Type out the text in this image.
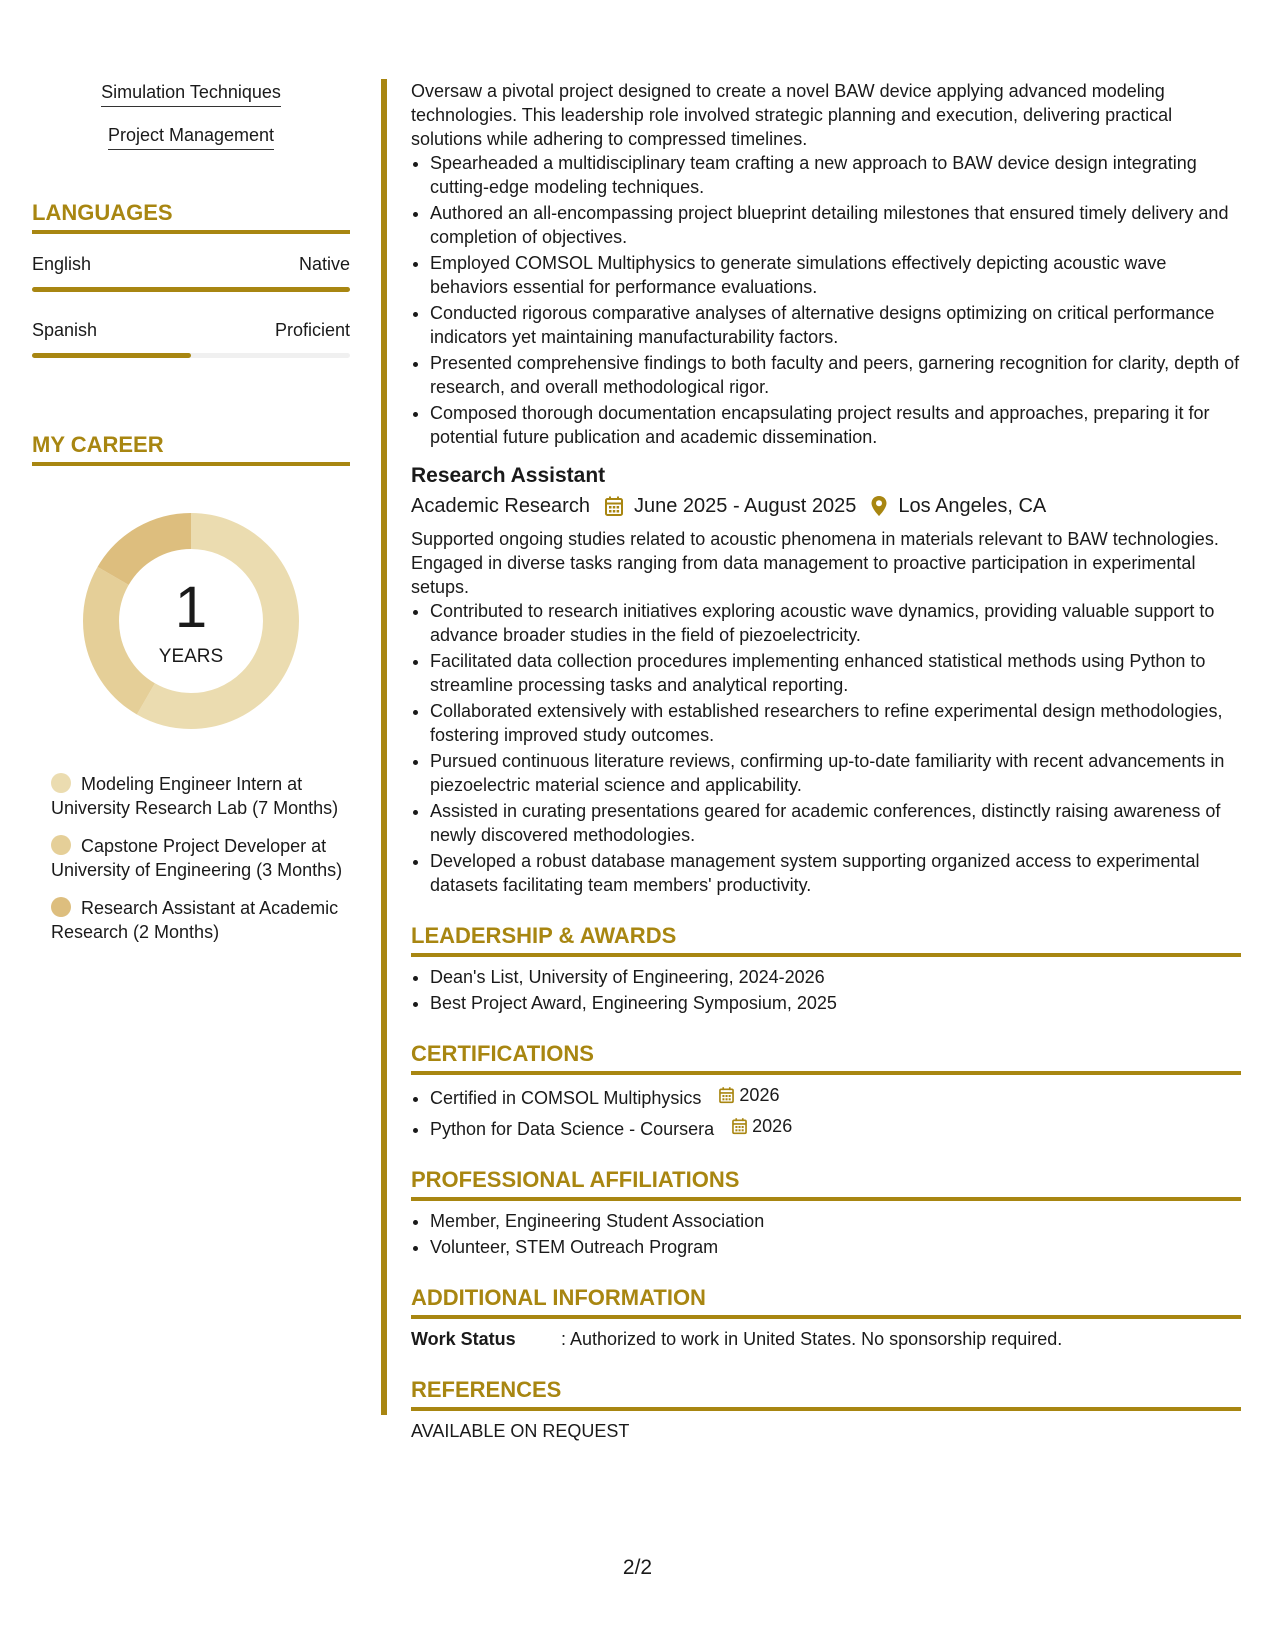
Simulation Techniques
Project Management
LANGUAGES
English	Native
Spanish	Proficient
MY CAREER
1
YEARS
Modeling Engineer Intern at University Research Lab (7 Months)
Capstone Project Developer at University of Engineering (3 Months)
Research Assistant at Academic Research (2 Months)

Oversaw a pivotal project designed to create a novel BAW device applying advanced modeling technologies. This leadership role involved strategic planning and execution, delivering practical solutions while adhering to compressed timelines.

• Spearheaded a multidisciplinary team crafting a new approach to BAW device design integrating cutting-edge modeling techniques.
• Authored an all-encompassing project blueprint detailing milestones that ensured timely delivery and completion of objectives.
• Employed COMSOL Multiphysics to generate simulations effectively depicting acoustic wave behaviors essential for performance evaluations.
• Conducted rigorous comparative analyses of alternative designs optimizing on critical performance indicators yet maintaining manufacturability factors.
• Presented comprehensive findings to both faculty and peers, garnering recognition for clarity, depth of research, and overall methodological rigor.
• Composed thorough documentation encapsulating project results and approaches, preparing it for potential future publication and academic dissemination.
Research Assistant
Academic Research June 2025 - August 2025 Los Angeles, CA

Supported ongoing studies related to acoustic phenomena in materials relevant to BAW technologies. Engaged in diverse tasks ranging from data management to proactive participation in experimental setups.

• Contributed to research initiatives exploring acoustic wave dynamics, providing valuable support to advance broader studies in the field of piezoelectricity.
• Facilitated data collection procedures implementing enhanced statistical methods using Python to streamline processing tasks and analytical reporting.
• Collaborated extensively with established researchers to refine experimental design methodologies, fostering improved study outcomes.
• Pursued continuous literature reviews, confirming up-to-date familiarity with recent advancements in piezoelectric material science and applicability.
• Assisted in curating presentations geared for academic conferences, distinctly raising awareness of newly discovered methodologies.
• Developed a robust database management system supporting organized access to experimental datasets facilitating team members' productivity.
LEADERSHIP & AWARDS
• Dean's List, University of Engineering, 2024-2026
• Best Project Award, Engineering Symposium, 2025
CERTIFICATIONS
• Certified in COMSOL Multiphysics 2026
• Python for Data Science - Coursera 2026
PROFESSIONAL AFFILIATIONS
• Member, Engineering Student Association
• Volunteer, STEM Outreach Program
ADDITIONAL INFORMATION
Work Status	: Authorized to work in United States. No sponsorship required.
REFERENCES

AVAILABLE ON REQUEST

2/2
